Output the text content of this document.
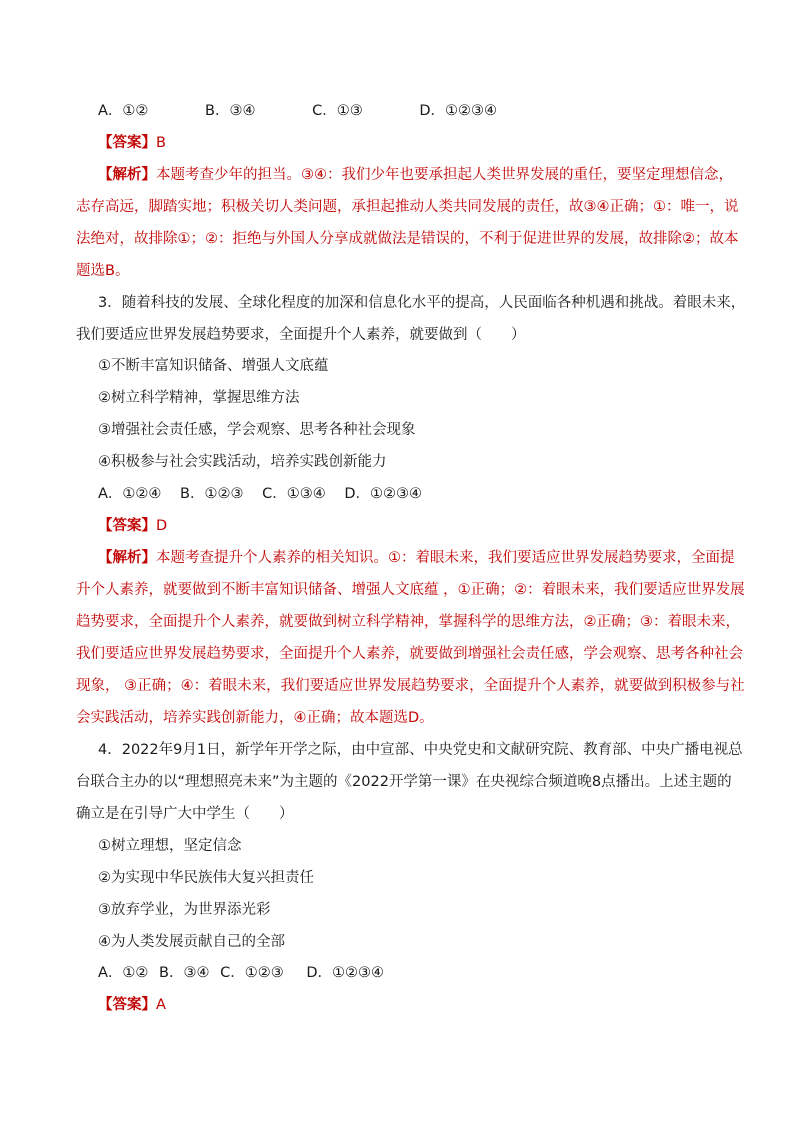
A．①②	B．③④	C．①③	D．①②③④
【答案】B
【解析】本题考查少年的担当。③④：我们少年也要承担起人类世界发展的重任，要坚定理想信念，
志存高远，脚踏实地；积极关切人类问题，承担起推动人类共同发展的责任，故③④正确；①：唯一，说
法绝对，故排除①；②：拒绝与外国人分享成就做法是错误的，不利于促进世界的发展，故排除②；故本
题选B。
3．随着科技的发展、全球化程度的加深和信息化水平的提高，人民面临各种机遇和挑战。着眼未来，
我们要适应世界发展趋势要求，全面提升个人素养，就要做到（　　）
①不断丰富知识储备、增强人文底蕴
②树立科学精神，掌握思维方法
③增强社会责任感，学会观察、思考各种社会现象
④积极参与社会实践活动，培养实践创新能力
A．①②④ B．①②③ C．①③④ D．①②③④
【答案】D
【解析】本题考查提升个人素养的相关知识。①：着眼未来，我们要适应世界发展趋势要求，全面提
升个人素养，就要做到不断丰富知识储备、增强人文底蕴 ，①正确；②：着眼未来，我们要适应世界发展
趋势要求，全面提升个人素养，就要做到树立科学精神，掌握科学的思维方法，②正确；③：着眼未来，
我们要适应世界发展趋势要求，全面提升个人素养，就要做到增强社会责任感，学会观察、思考各种社会
现象， ③正确；④：着眼未来，我们要适应世界发展趋势要求，全面提升个人素养，就要做到积极参与社
会实践活动，培养实践创新能力，④正确；故本题选D。
4．2022年9月1日，新学年开学之际，由中宣部、中央党史和文献研究院、教育部、中央广播电视总
台联合主办的以“理想照亮未来”为主题的《2022开学第一课》在央视综合频道晚8点播出。上述主题的
确立是在引导广大中学生（　　）
①树立理想，坚定信念
②为实现中华民族伟大复兴担责任
③放弃学业，为世界添光彩
④为人类发展贡献自己的全部
A．①② B．③④ C．①②③ D．①②③④
【答案】A
